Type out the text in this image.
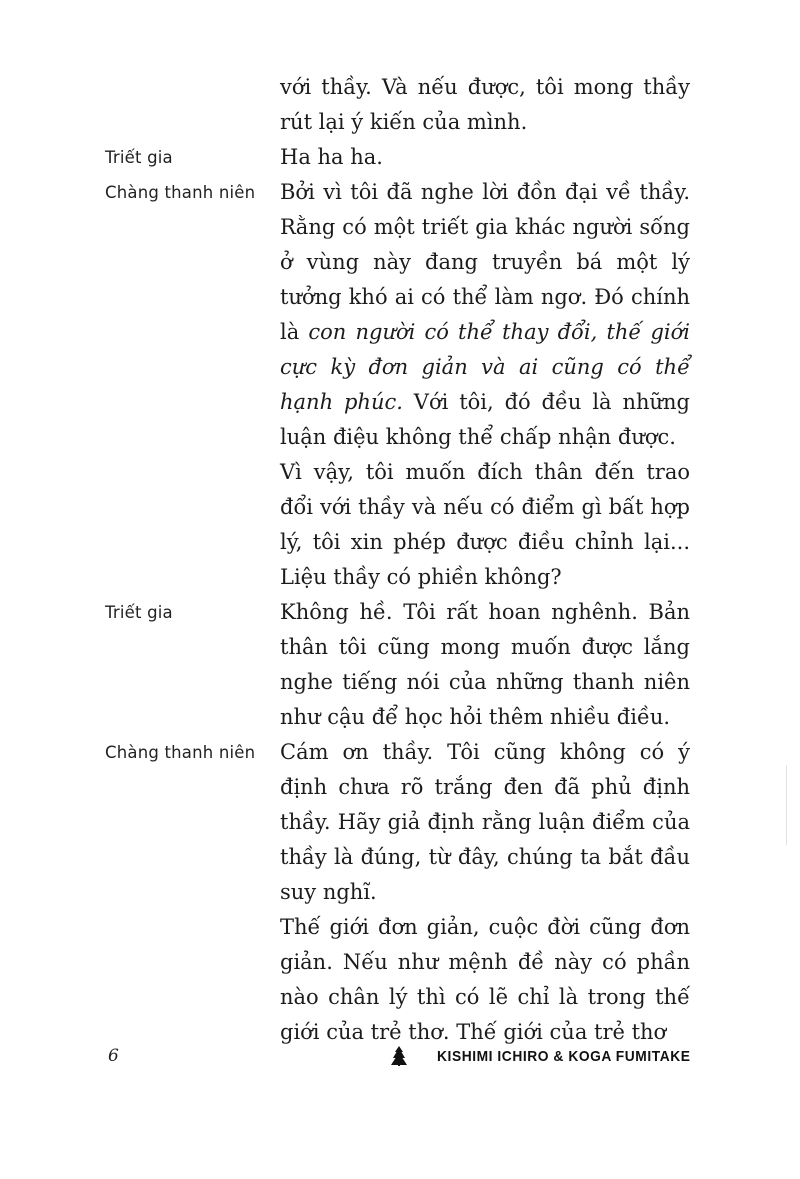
với thầy. Và nếu được, tôi mong thầy rút lại ý kiến của mình.

Triết gia	Ha ha ha.

Chàng thanh niên	Bởi vì tôi đã nghe lời đồn đại về thầy. Rằng có một triết gia khác người sống ở vùng này đang truyền bá một lý tưởng khó ai có thể làm ngơ. Đó chính là con người có thể thay đổi, thế giới cực kỳ đơn giản và ai cũng có thể hạnh phúc. Với tôi, đó đều là những luận điệu không thể chấp nhận được.

Vì vậy, tôi muốn đích thân đến trao đổi với thầy và nếu có điểm gì bất hợp lý, tôi xin phép được điều chỉnh lại... Liệu thầy có phiền không?

Triết gia	Không hề. Tôi rất hoan nghênh. Bản thân tôi cũng mong muốn được lắng nghe tiếng nói của những thanh niên như cậu để học hỏi thêm nhiều điều.

Chàng thanh niên	Cám ơn thầy. Tôi cũng không có ý định chưa rõ trắng đen đã phủ định thầy. Hãy giả định rằng luận điểm của thầy là đúng, từ đây, chúng ta bắt đầu suy nghĩ.

Thế giới đơn giản, cuộc đời cũng đơn giản. Nếu như mệnh đề này có phần nào chân lý thì có lẽ chỉ là trong thế giới của trẻ thơ. Thế giới của trẻ thơ

6	KISHIMI ICHIRO & KOGA FUMITAKE
